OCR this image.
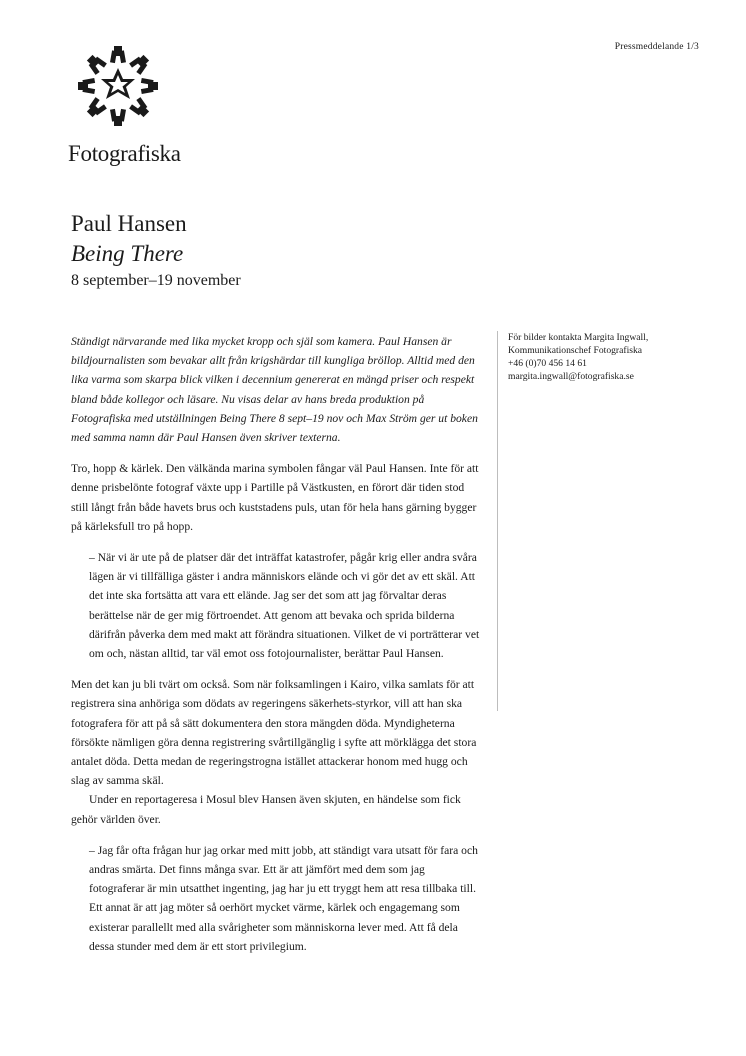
Pressmeddelande 1/3
Fotografiska
Paul Hansen
Being There
8 september–19 november

Ständigt närvarande med lika mycket kropp och själ som kamera. Paul Hansen är bildjournalisten som bevakar allt från krigshärdar till kungliga bröllop. Alltid med den lika varma som skarpa blick vilken i decennium genererat en mängd priser och respekt bland både kollegor och läsare. Nu visas delar av hans breda produktion på Fotografiska med utställningen Being There 8 sept–19 nov och Max Ström ger ut boken med samma namn där Paul Hansen även skriver texterna.

Tro, hopp & kärlek. Den välkända marina symbolen fångar väl Paul Hansen. Inte för att denne prisbelönte fotograf växte upp i Partille på Västkusten, en förort där tiden stod still långt från både havets brus och kuststadens puls, utan för hela hans gärning bygger på kärleksfull tro på hopp.

– När vi är ute på de platser där det inträffat katastrofer, pågår krig eller andra svåra lägen är vi tillfälliga gäster i andra människors elände och vi gör det av ett skäl. Att det inte ska fortsätta att vara ett elände. Jag ser det som att jag förvaltar deras berättelse när de ger mig förtroendet. Att genom att bevaka och sprida bilderna därifrån påverka dem med makt att förändra situationen. Vilket de vi porträtterar vet om och, nästan alltid, tar väl emot oss fotojournalister, berättar Paul Hansen.

Men det kan ju bli tvärt om också. Som när folksamlingen i Kairo, vilka samlats för att registrera sina anhöriga som dödats av regeringens säkerhets-styrkor, vill att han ska fotografera för att på så sätt dokumentera den stora mängden döda. Myndigheterna försökte nämligen göra denna registrering svårtillgänglig i syfte att mörklägga det stora antalet döda. Detta medan de regeringstrogna istället attackerar honom med hugg och slag av samma skäl.

Under en reportageresa i Mosul blev Hansen även skjuten, en händelse som fick gehör världen över.

– Jag får ofta frågan hur jag orkar med mitt jobb, att ständigt vara utsatt för fara och andras smärta. Det finns många svar. Ett är att jämfört med dem som jag fotograferar är min utsatthet ingenting, jag har ju ett tryggt hem att resa tillbaka till. Ett annat är att jag möter så oerhört mycket värme, kärlek och engagemang som existerar parallellt med alla svårigheter som människorna lever med. Att få dela dessa stunder med dem är ett stort privilegium.

För bilder kontakta Margita Ingwall,
Kommunikationschef Fotografiska
+46 (0)70 456 14 61
margita.ingwall@fotografiska.se
